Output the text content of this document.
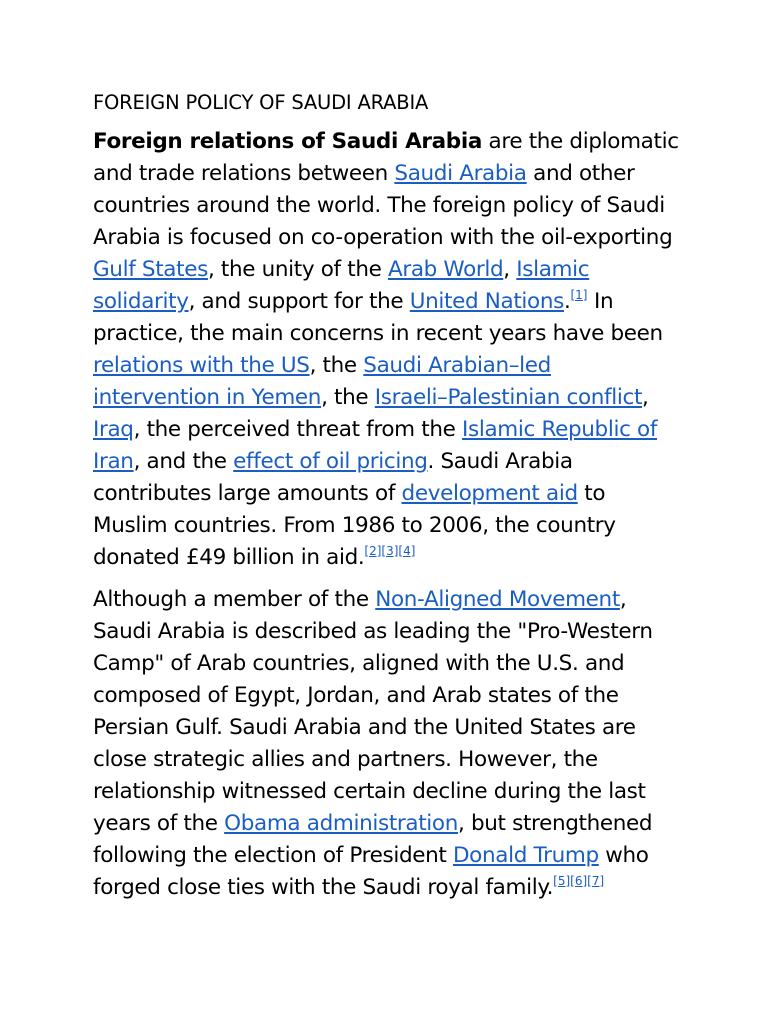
FOREIGN POLICY OF SAUDI ARABIA

Foreign relations of Saudi Arabia are the diplomatic and trade relations between Saudi Arabia and other countries around the world. The foreign policy of Saudi Arabia is focused on co-operation with the oil-exporting Gulf States, the unity of the Arab World, Islamic solidarity, and support for the United Nations.[1] In practice, the main concerns in recent years have been relations with the US, the Saudi Arabian–led intervention in Yemen, the Israeli–Palestinian conflict, Iraq, the perceived threat from the Islamic Republic of Iran, and the effect of oil pricing. Saudi Arabia contributes large amounts of development aid to Muslim countries. From 1986 to 2006, the country donated £49 billion in aid.[2][3][4]

Although a member of the Non-Aligned Movement, Saudi Arabia is described as leading the "Pro-Western Camp" of Arab countries, aligned with the U.S. and composed of Egypt, Jordan, and Arab states of the Persian Gulf. Saudi Arabia and the United States are close strategic allies and partners. However, the relationship witnessed certain decline during the last years of the Obama administration, but strengthened following the election of President Donald Trump who forged close ties with the Saudi royal family.[5][6][7]
